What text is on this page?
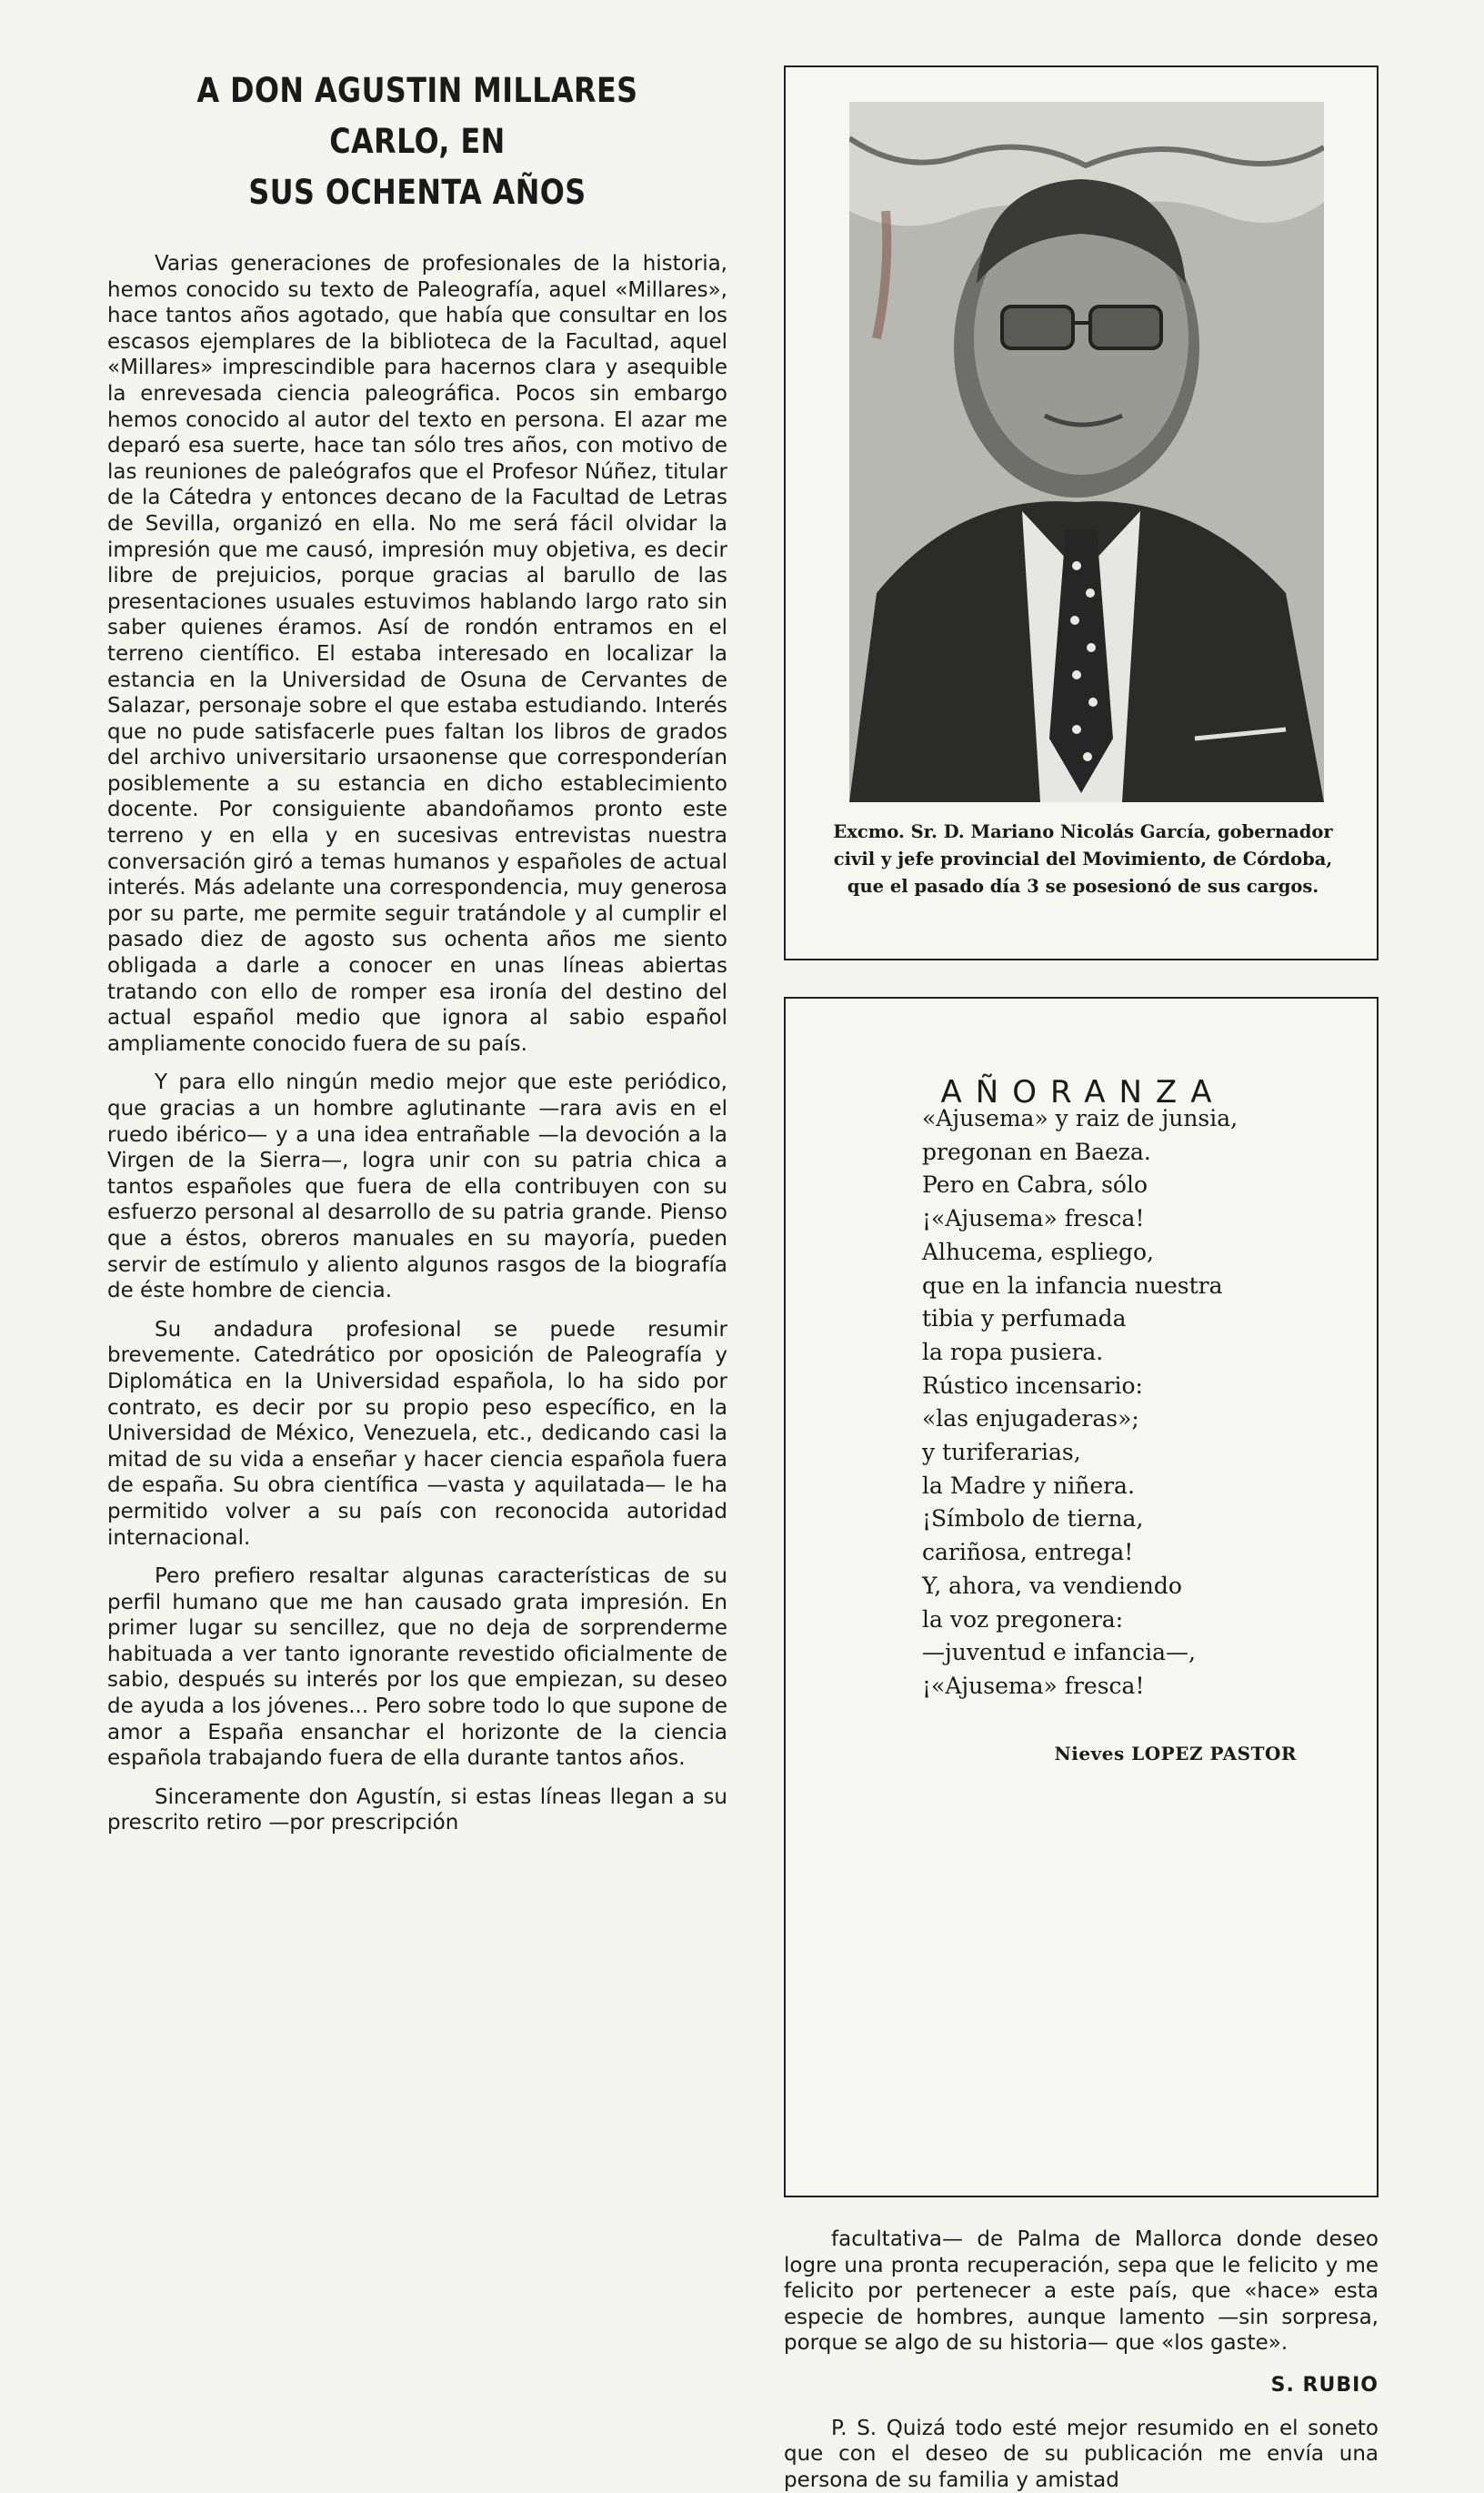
A DON AGUSTIN MILLARES CARLO, EN
SUS OCHENTA AÑOS

Varias generaciones de profesionales de la historia, hemos conocido su texto de Paleografía, aquel «Millares», hace tantos años agotado, que había que consultar en los escasos ejemplares de la biblioteca de la Facultad, aquel «Millares» imprescindible para hacernos clara y asequible la enrevesada ciencia paleográfica. Pocos sin embargo hemos conocido al autor del texto en persona. El azar me deparó esa suerte, hace tan sólo tres años, con motivo de las reuniones de paleógrafos que el Profesor Núñez, titular de la Cátedra y entonces decano de la Facultad de Letras de Sevilla, organizó en ella. No me será fácil olvidar la impresión que me causó, impresión muy objetiva, es decir libre de prejuicios, porque gracias al barullo de las presentaciones usuales estuvimos hablando largo rato sin saber quienes éramos. Así de rondón entramos en el terreno científico. El estaba interesado en localizar la estancia en la Universidad de Osuna de Cervantes de Salazar, personaje sobre el que estaba estudiando. Interés que no pude satisfacerle pues faltan los libros de grados del archivo universitario ursaonense que corresponderían posiblemente a su estancia en dicho establecimiento docente. Por consiguiente abandoñamos pronto este terreno y en ella y en sucesivas entrevistas nuestra conversación giró a temas humanos y españoles de actual interés. Más adelante una correspondencia, muy generosa por su parte, me permite seguir tratándole y al cumplir el pasado diez de agosto sus ochenta años me siento obligada a darle a conocer en unas líneas abiertas tratando con ello de romper esa ironía del destino del actual español medio que ignora al sabio español ampliamente conocido fuera de su país.

Y para ello ningún medio mejor que este periódico, que gracias a un hombre aglutinante —rara avis en el ruedo ibérico— y a una idea entrañable —la devoción a la Virgen de la Sierra—, logra unir con su patria chica a tantos españoles que fuera de ella contribuyen con su esfuerzo personal al desarrollo de su patria grande. Pienso que a éstos, obreros manuales en su mayoría, pueden servir de estímulo y aliento algunos rasgos de la biografía de éste hombre de ciencia.

Su andadura profesional se puede resumir brevemente. Catedrático por oposición de Paleografía y Diplomática en la Universidad española, lo ha sido por contrato, es decir por su propio peso específico, en la Universidad de México, Venezuela, etc., dedicando casi la mitad de su vida a enseñar y hacer ciencia española fuera de españa. Su obra científica —vasta y aquilatada— le ha permitido volver a su país con reconocida autoridad internacional.

Pero prefiero resaltar algunas características de su perfil humano que me han causado grata impresión. En primer lugar su sencillez, que no deja de sorprenderme habituada a ver tanto ignorante revestido oficialmente de sabio, después su interés por los que empiezan, su deseo de ayuda a los jóvenes... Pero sobre todo lo que supone de amor a España ensanchar el horizonte de la ciencia española trabajando fuera de ella durante tantos años.

Sinceramente don Agustín, si estas líneas llegan a su prescrito retiro —por prescripción

Excmo. Sr. D. Mariano Nicolás García, gobernador civil y jefe provincial del Movimiento, de Córdoba, que el pasado día 3 se posesionó de sus cargos.
AÑORANZA
«Ajusema» y raiz de junsia,
pregonan en Baeza.
Pero en Cabra, sólo
¡«Ajusema» fresca!
Alhucema, espliego,
que en la infancia nuestra
tibia y perfumada
la ropa pusiera.
Rústico incensario:
«las enjugaderas»;
y turiferarias,
la Madre y niñera.
¡Símbolo de tierna,
cariñosa, entrega!
Y, ahora, va vendiendo
la voz pregonera:
—juventud e infancia—,
¡«Ajusema» fresca!
Nieves LOPEZ PASTOR

facultativa— de Palma de Mallorca donde deseo logre una pronta recuperación, sepa que le felicito y me felicito por pertenecer a este país, que «hace» esta especie de hombres, aunque lamento —sin sorpresa, porque se algo de su historia— que «los gaste».

S. RUBIO

P. S. Quizá todo esté mejor resumido en el soneto que con el deseo de su publicación me envía una persona de su familia y amistad
